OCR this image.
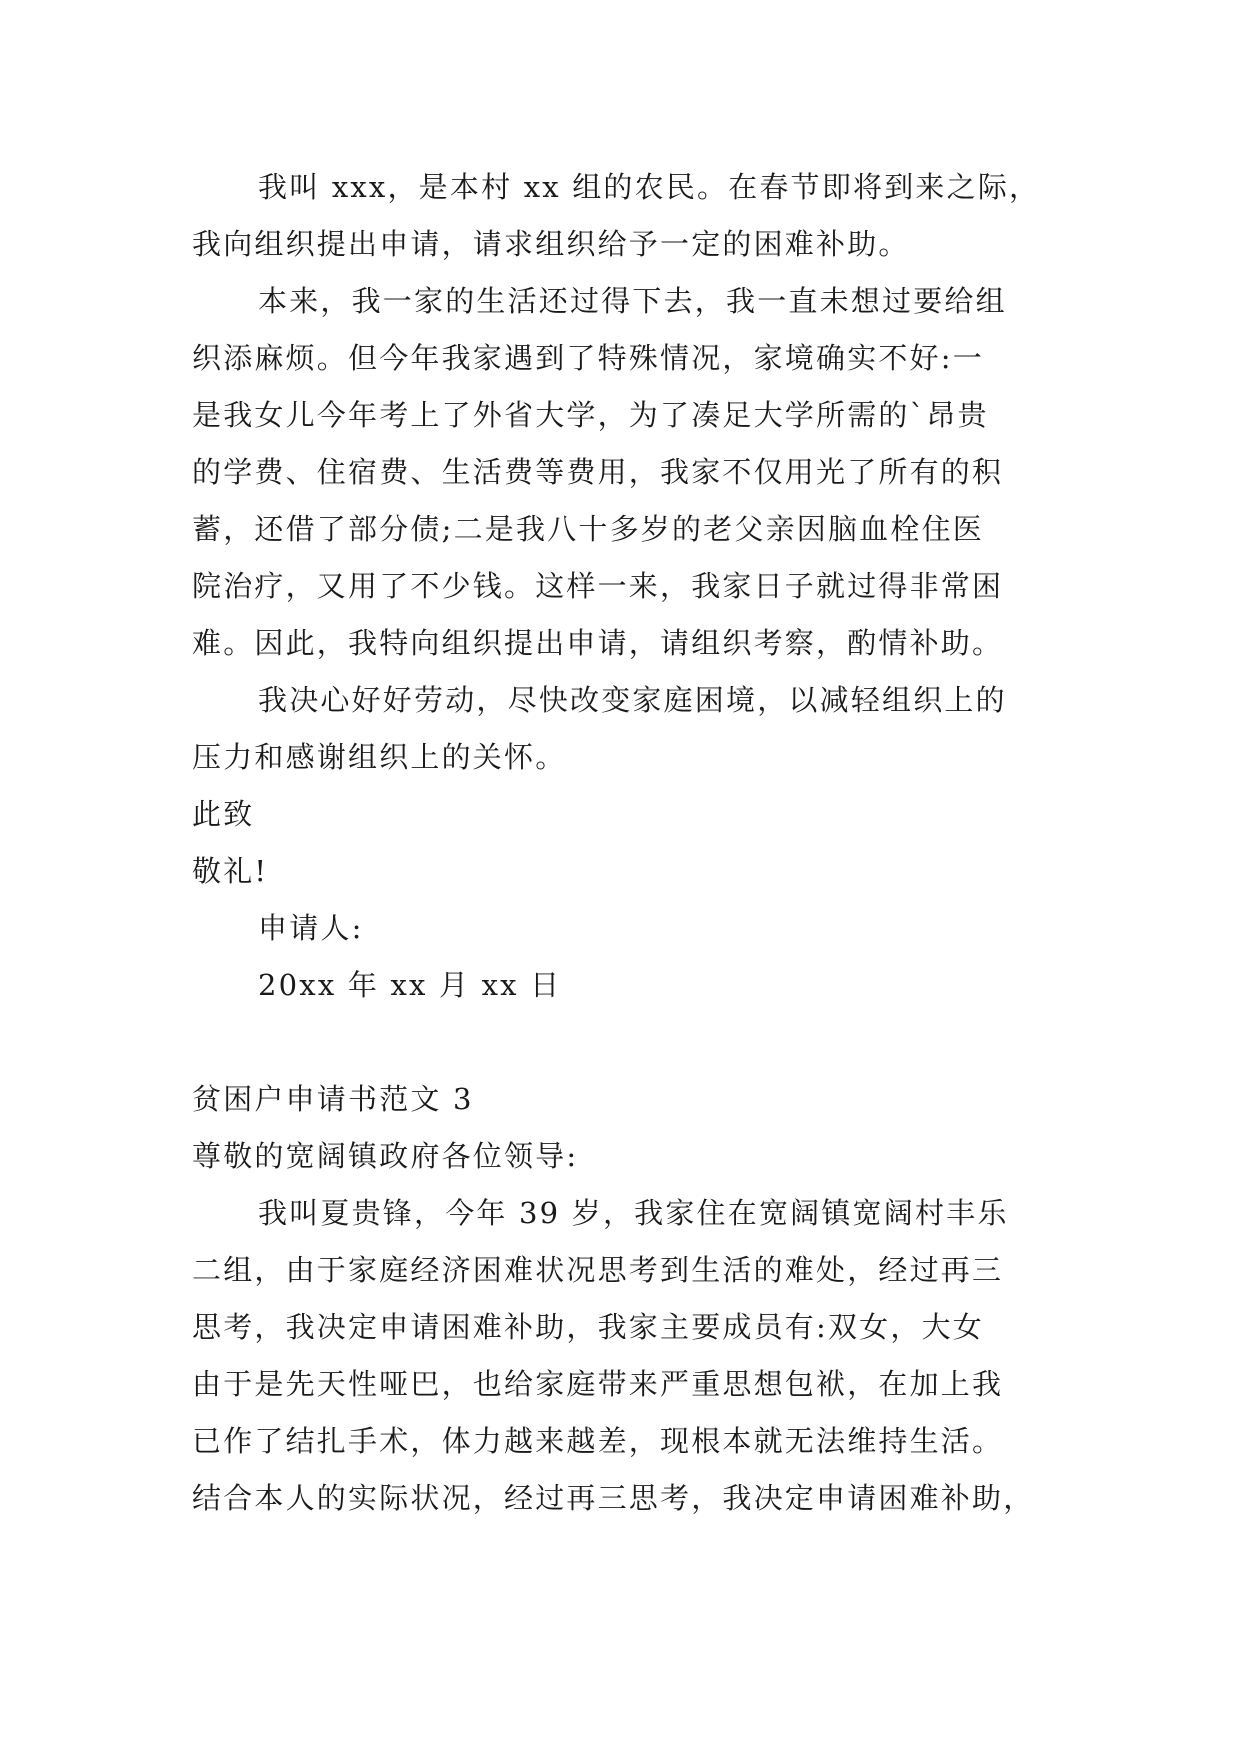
我叫 xxx，是本村 xx 组的农民。在春节即将到来之际，
我向组织提出申请，请求组织给予一定的困难补助。
本来，我一家的生活还过得下去，我一直未想过要给组
织添麻烦。但今年我家遇到了特殊情况，家境确实不好:一
是我女儿今年考上了外省大学，为了凑足大学所需的`昂贵
的学费、住宿费、生活费等费用，我家不仅用光了所有的积
蓄，还借了部分债;二是我八十多岁的老父亲因脑血栓住医
院治疗，又用了不少钱。这样一来，我家日子就过得非常困
难。因此，我特向组织提出申请，请组织考察，酌情补助。
我决心好好劳动，尽快改变家庭困境，以减轻组织上的
压力和感谢组织上的关怀。
此致
敬礼!
申请人:
20xx 年 xx 月 xx 日
贫困户申请书范文 3
尊敬的宽阔镇政府各位领导:
我叫夏贵锋，今年 39 岁，我家住在宽阔镇宽阔村丰乐
二组，由于家庭经济困难状况思考到生活的难处，经过再三
思考，我决定申请困难补助，我家主要成员有:双女，大女
由于是先天性哑巴，也给家庭带来严重思想包袱，在加上我
已作了结扎手术，体力越来越差，现根本就无法维持生活。
结合本人的实际状况，经过再三思考，我决定申请困难补助，
